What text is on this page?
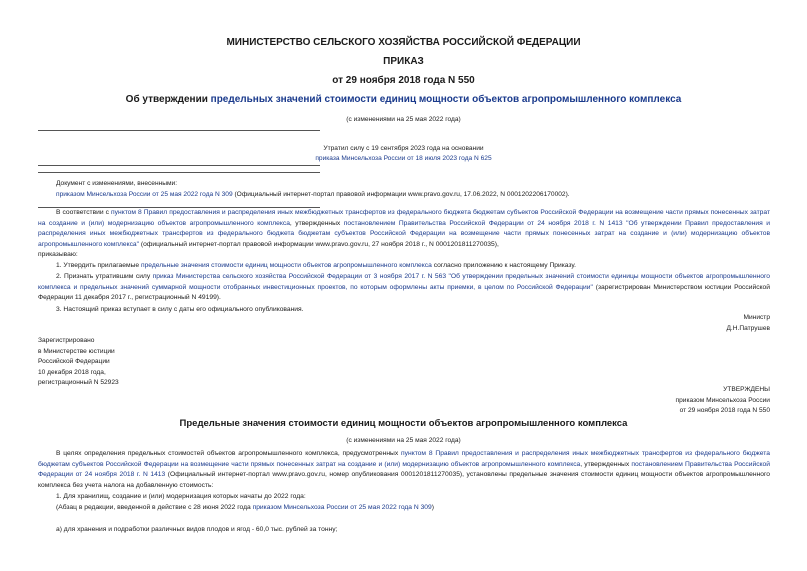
МИНИСТЕРСТВО СЕЛЬСКОГО ХОЗЯЙСТВА РОССИЙСКОЙ ФЕДЕРАЦИИ
ПРИКАЗ
от 29 ноября 2018 года N 550
Об утверждении предельных значений стоимости единиц мощности объектов агропромышленного комплекса
(с изменениями на 25 мая 2022 года)
Утратил силу с 19 сентября 2023 года на основании
приказа Минсельхоза России от 18 июля 2023 года N 625
Документ с изменениями, внесенными:
приказом Минсельхоза России от 25 мая 2022 года N 309 (Официальный интернет-портал правовой информации www.pravo.gov.ru, 17.06.2022, N 0001202206170002).
В соответствии с пунктом 8 Правил предоставления и распределения иных межбюджетных трансфертов из федерального бюджета бюджетам субъектов Российской Федерации на возмещение части прямых понесенных затрат на создание и (или) модернизацию объектов агропромышленного комплекса, утвержденных постановлением Правительства Российской Федерации от 24 ноября 2018 г. N 1413 "Об утверждении Правил предоставления и распределения иных межбюджетных трансфертов из федерального бюджета бюджетам субъектов Российской Федерации на возмещение части прямых понесенных затрат на создание и (или) модернизацию объектов агропромышленного комплекса" (официальный интернет-портал правовой информации www.pravo.gov.ru, 27 ноября 2018 г., N 0001201811270035),
приказываю:
1. Утвердить прилагаемые предельные значения стоимости единиц мощности объектов агропромышленного комплекса согласно приложению к настоящему Приказу.
2. Признать утратившим силу приказ Министерства сельского хозяйства Российской Федерации от 3 ноября 2017 г. N 563 "Об утверждении предельных значений стоимости единицы мощности объектов агропромышленного комплекса и предельных значений суммарной мощности отобранных инвестиционных проектов, по которым оформлены акты приемки, в целом по Российской Федерации" (зарегистрирован Министерством юстиции Российской Федерации 11 декабря 2017 г., регистрационный N 49199).
3. Настоящий приказ вступает в силу с даты его официального опубликования.
Министр
Д.Н.Патрушев
Зарегистрировано
в Министерстве юстиции
Российской Федерации
10 декабря 2018 года,
регистрационный N 52923
УТВЕРЖДЕНЫ
приказом Минсельхоза России
от 29 ноября 2018 года N 550
Предельные значения стоимости единиц мощности объектов агропромышленного комплекса
(с изменениями на 25 мая 2022 года)
В целях определения предельных стоимостей объектов агропромышленного комплекса, предусмотренных пунктом 8 Правил предоставления и распределения иных межбюджетных трансфертов из федерального бюджета бюджетам субъектов Российской Федерации на возмещение части прямых понесенных затрат на создание и (или) модернизацию объектов агропромышленного комплекса, утвержденных постановлением Правительства Российской Федерации от 24 ноября 2018 г. N 1413 (Официальный интернет-портал www.pravo.gov.ru, номер опубликования 0001201811270035), установлены предельные значения стоимости единиц мощности объектов агропромышленного комплекса без учета налога на добавленную стоимость:
1. Для хранилищ, создание и (или) модернизация которых начаты до 2022 года:
(Абзац в редакции, введенной в действие с 28 июня 2022 года приказом Минсельхоза России от 25 мая 2022 года N 309)
а) для хранения и подработки различных видов плодов и ягод - 60,0 тыс. рублей за тонну;
